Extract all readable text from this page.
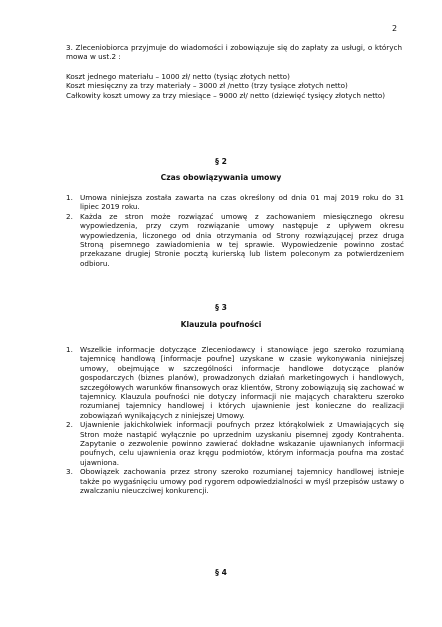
2
3. Zleceniobiorca przyjmuje do wiadomości i zobowiązuje się do zapłaty za usługi, o których mowa w ust.2 :
Koszt jednego materiału – 1000 zł/ netto (tysiąc złotych netto)
Koszt miesięczny za trzy materiały – 3000 zł /netto (trzy tysiące złotych netto)
Całkowity koszt umowy za trzy miesiące – 9000 zł/ netto (dziewięć tysięcy złotych netto)
§ 2
Czas obowiązywania umowy
1. Umowa niniejsza została zawarta na czas określony od dnia 01 maj 2019 roku do 31 lipiec 2019 roku.
2. Każda ze stron może rozwiązać umowę z zachowaniem miesięcznego okresu wypowiedzenia, przy czym rozwiązanie umowy następuje z upływem okresu wypowiedzenia, liczonego od dnia otrzymania od Strony rozwiązującej przez druga Stroną pisemnego zawiadomienia w tej sprawie. Wypowiedzenie powinno zostać przekazane drugiej Stronie pocztą kurierską lub listem poleconym za potwierdzeniem odbioru.
§ 3
Klauzula poufności
1. Wszelkie informacje dotyczące Zleceniodawcy i stanowiące jego szeroko rozumianą tajemnicę handlową [informacje poufne] uzyskane w czasie wykonywania niniejszej umowy, obejmujące w szczególności informacje handlowe dotyczące planów gospodarczych (biznes planów), prowadzonych działań marketingowych i handlowych, szczegółowych warunków finansowych oraz klientów, Strony zobowiązują się zachować w tajemnicy. Klauzula poufności nie dotyczy informacji nie mających charakteru szeroko rozumianej tajemnicy handlowej i których ujawnienie jest konieczne do realizacji zobowiązań wynikających z niniejszej Umowy.
2. Ujawnienie jakichkolwiek informacji poufnych przez którąkolwiek z Umawiających się Stron może nastąpić wyłącznie po uprzednim uzyskaniu pisemnej zgody Kontrahenta. Zapytanie o zezwolenie powinno zawierać dokładne wskazanie ujawnianych informacji poufnych, celu ujawnienia oraz kręgu podmiotów, którym informacja poufna ma zostać ujawniona.
3. Obowiązek zachowania przez strony szeroko rozumianej tajemnicy handlowej istnieje także po wygaśnięciu umowy pod rygorem odpowiedzialności w myśl przepisów ustawy o zwalczaniu nieuczciwej konkurencji.
§ 4
